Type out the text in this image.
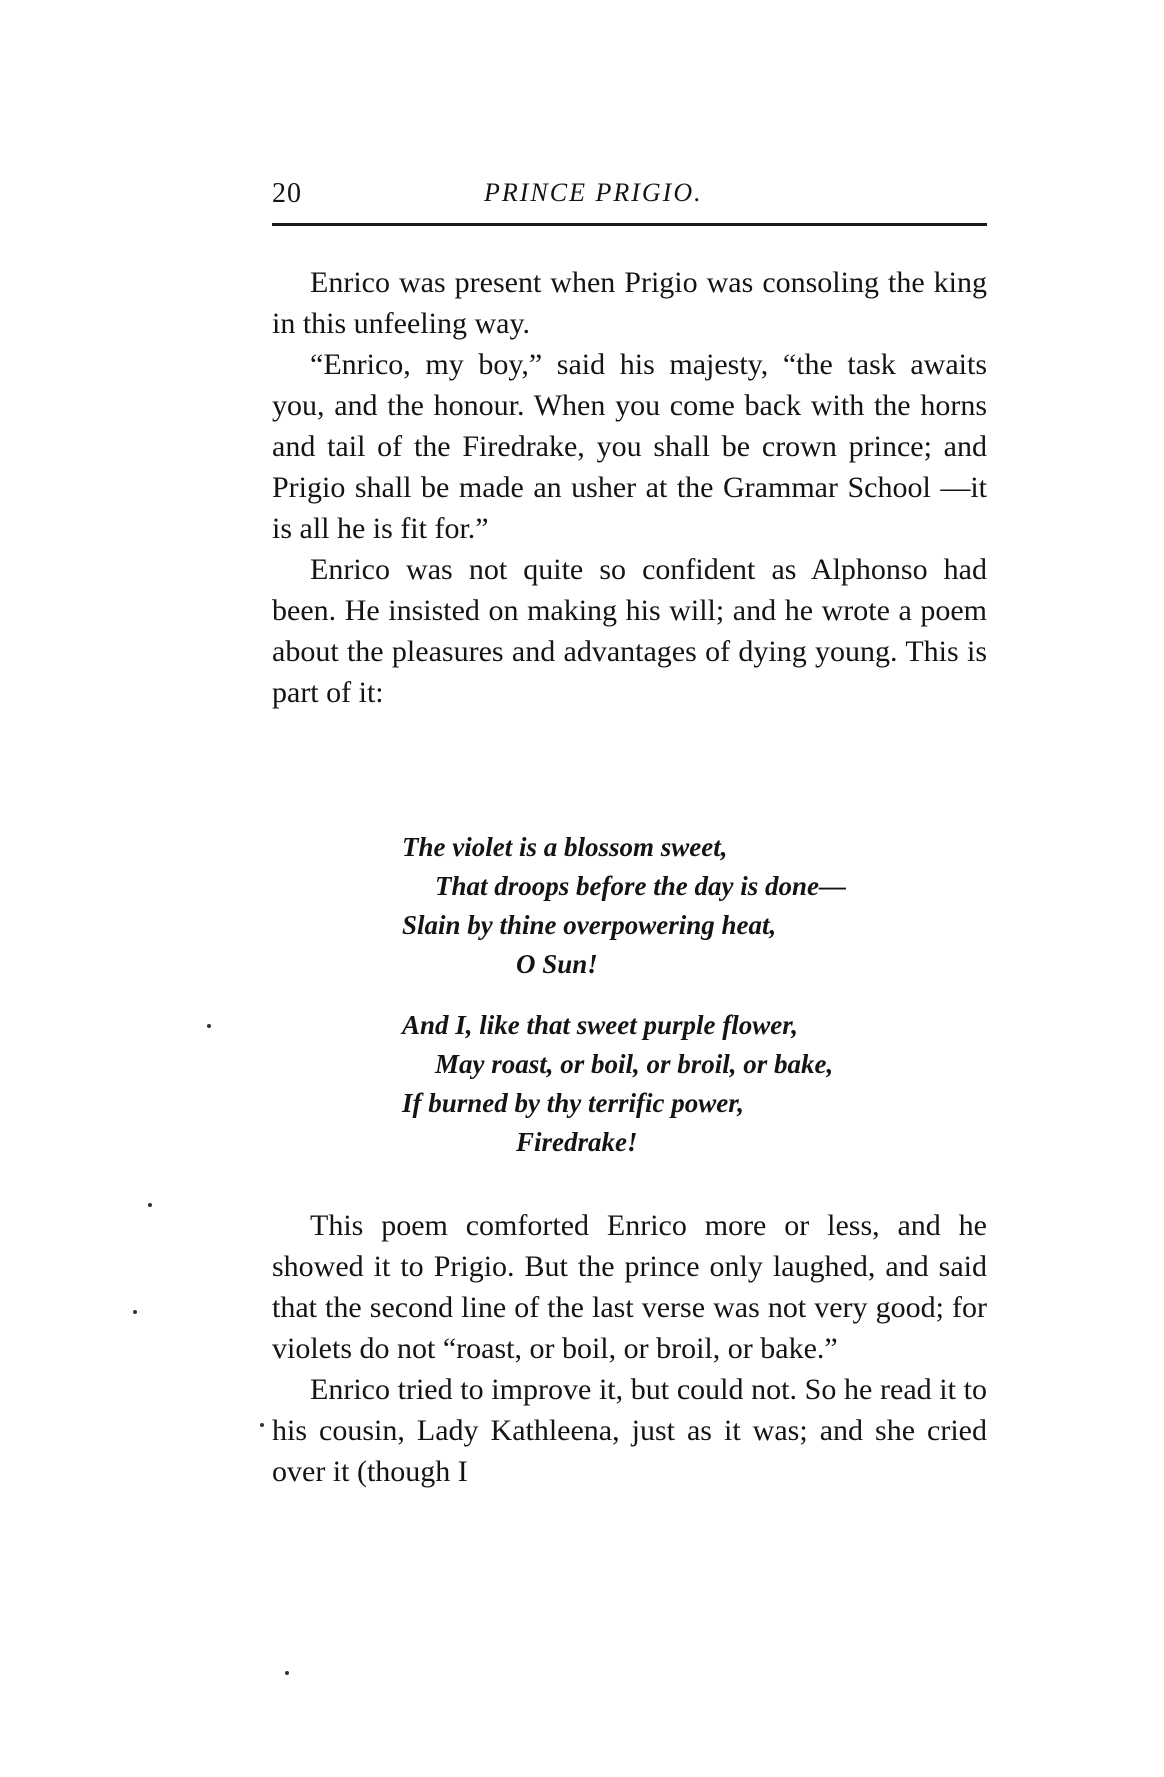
20	PRINCE PRIGIO.

Enrico was present when Prigio was consoling the king in this unfeeling way.

“Enrico, my boy,” said his majesty, “the task awaits you, and the honour. When you come back with the horns and tail of the Firedrake, you shall be crown prince; and Prigio shall be made an usher at the Grammar School —it is all he is fit for.”

Enrico was not quite so confident as Alphonso had been. He insisted on making his will; and he wrote a poem about the pleasures and advantages of dying young. This is part of it:

The violet is a blossom sweet,
That droops before the day is done—
Slain by thine overpowering heat,
O Sun!
And I, like that sweet purple flower,
May roast, or boil, or broil, or bake,
If burned by thy terrific power,
Firedrake!

This poem comforted Enrico more or less, and he showed it to Prigio. But the prince only laughed, and said that the second line of the last verse was not very good; for violets do not “roast, or boil, or broil, or bake.”

Enrico tried to improve it, but could not. So he read it to his cousin, Lady Kathleena, just as it was; and she cried over it (though I
